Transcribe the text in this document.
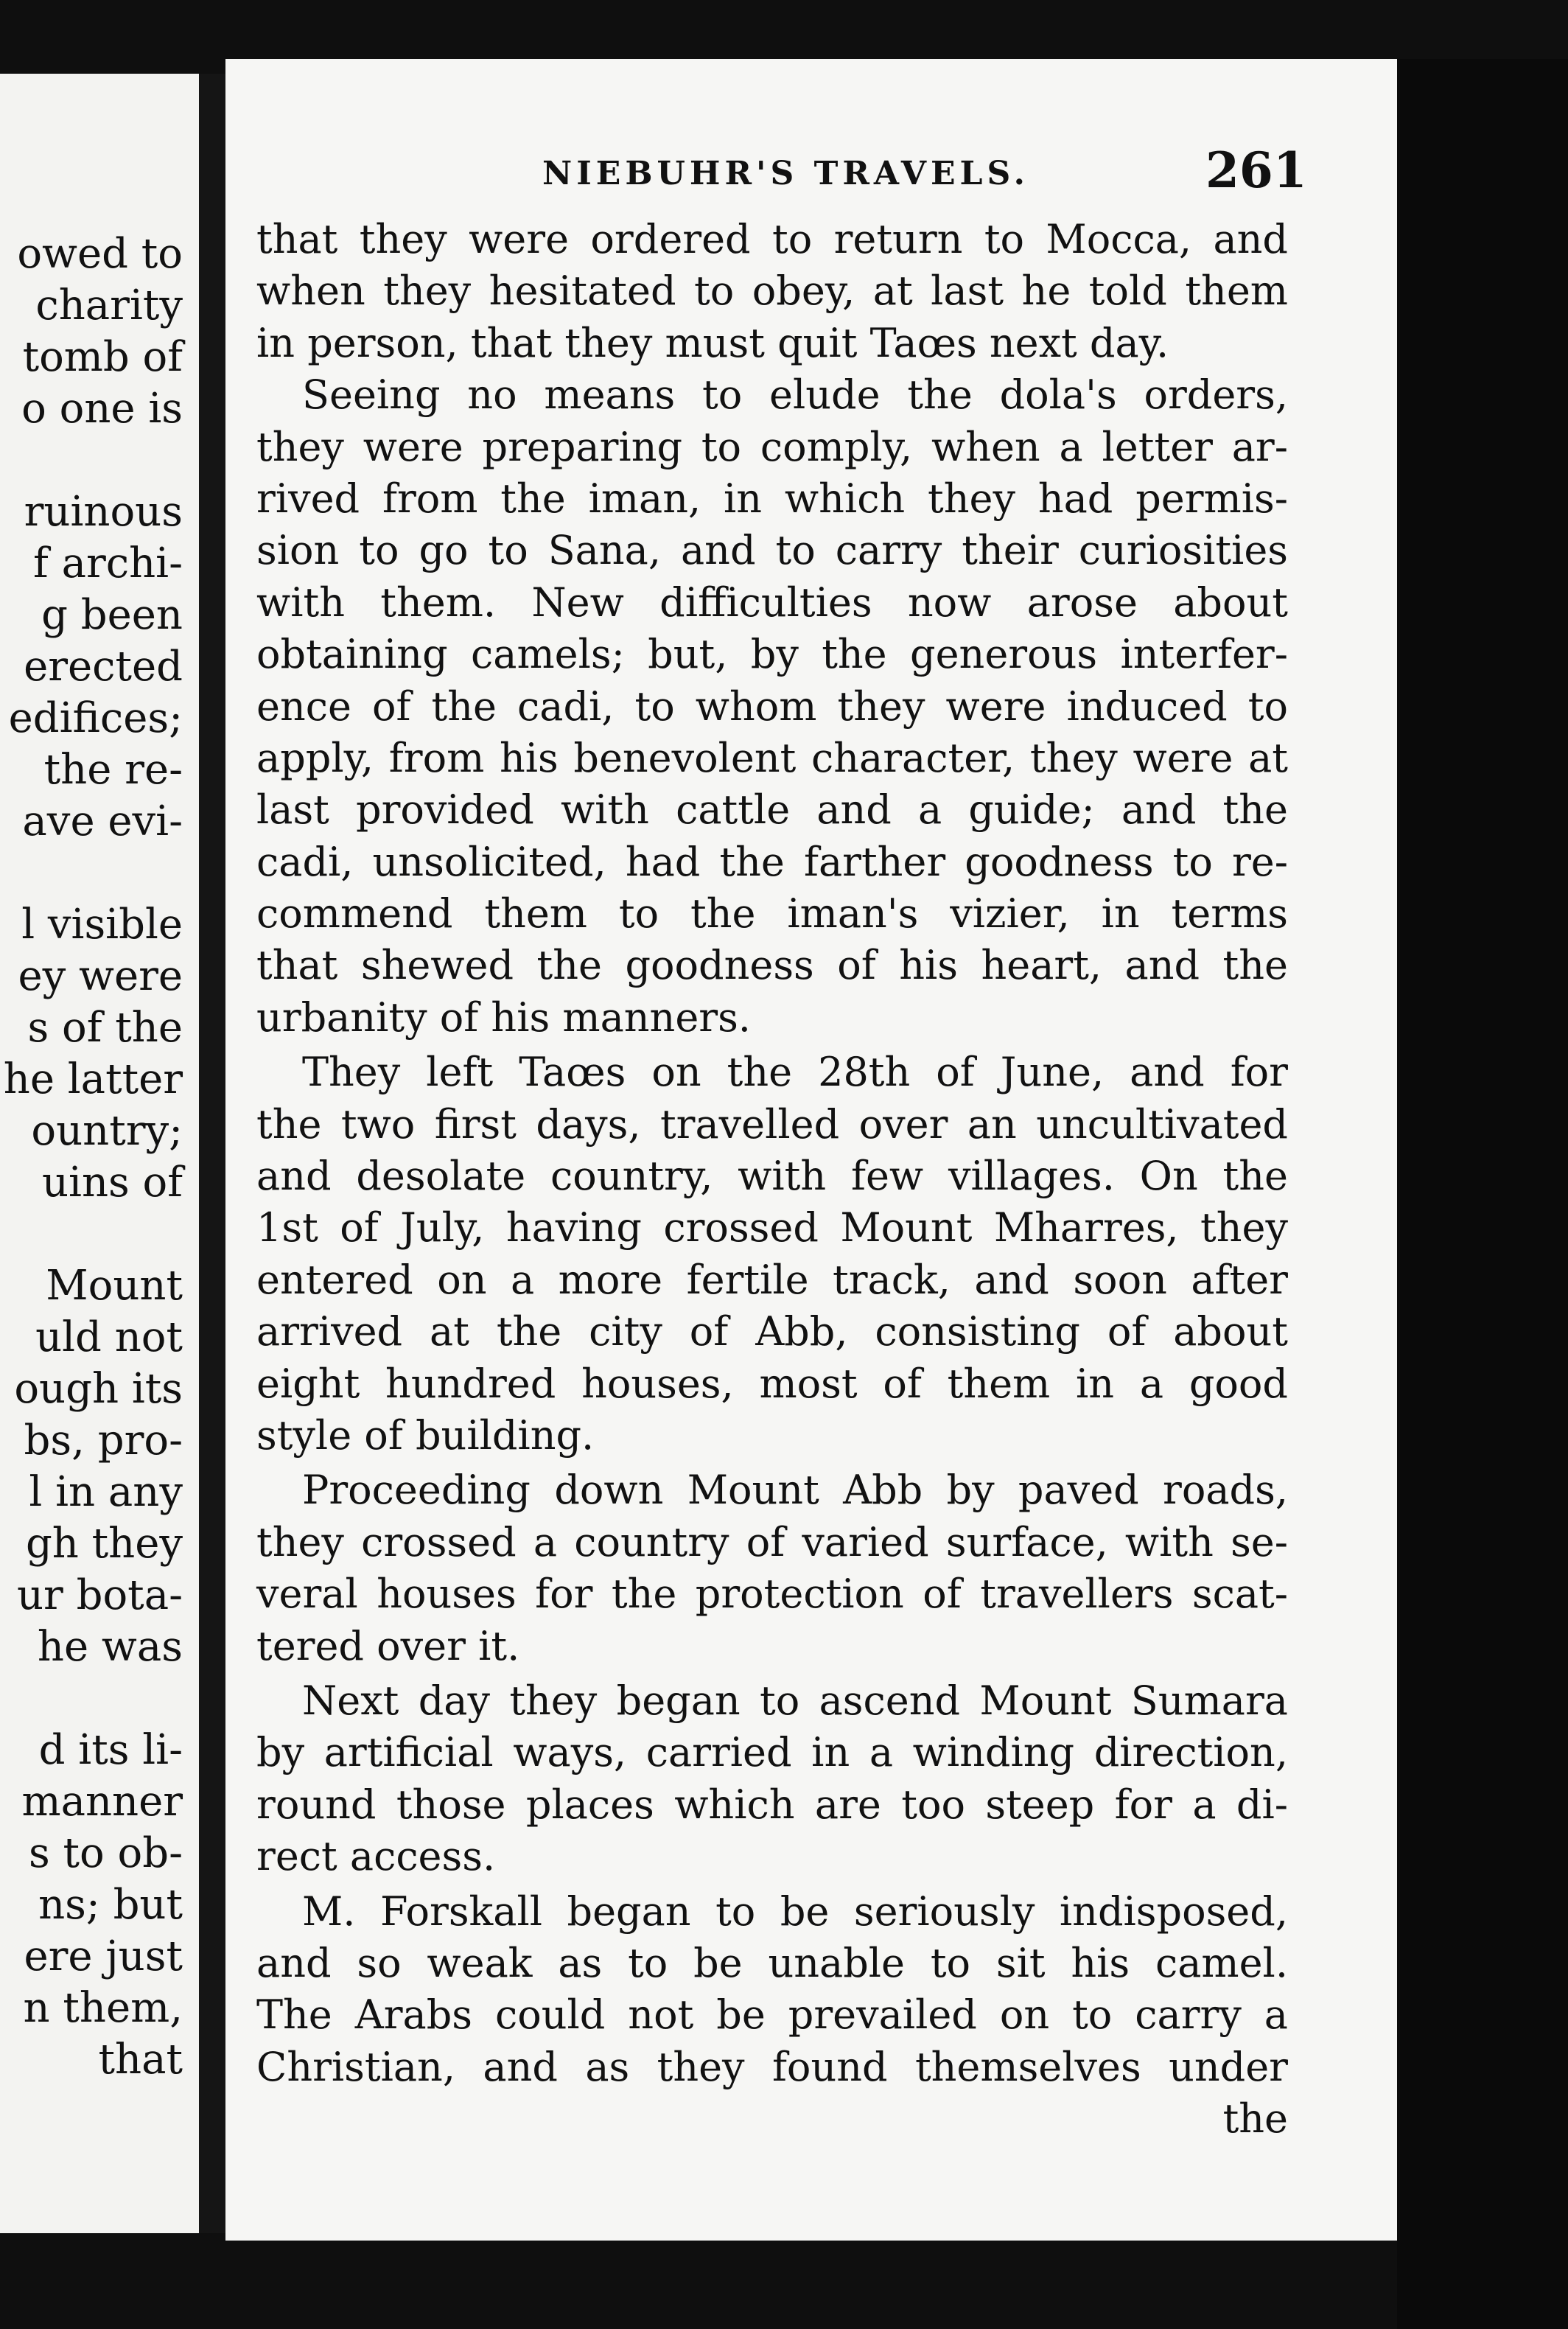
owed to
charity
tomb of
o one is
ruinous
f archi-
g been
erected
edifices;
the re-
ave evi-
l visible
ey were
s of the
he latter
ountry;
uins of
Mount
uld not
ough its
bs, pro-
l in any
gh they
ur bota-
he was
d its li-
manner
s to ob-
ns; but
ere just
n them,
that
NIEBUHR'S TRAVELS.	261
that they were ordered to return to Mocca, and
when they hesitated to obey, at last he told them
in person, that they must quit Taœs next day.
Seeing no means to elude the dola's orders,
they were preparing to comply, when a letter ar-
rived from the iman, in which they had permis-
sion to go to Sana, and to carry their curiosities
with them. New difficulties now arose about
obtaining camels; but, by the generous interfer-
ence of the cadi, to whom they were induced to
apply, from his benevolent character, they were at
last provided with cattle and a guide; and the
cadi, unsolicited, had the farther goodness to re-
commend them to the iman's vizier, in terms
that shewed the goodness of his heart, and the
urbanity of his manners.
They left Taœs on the 28th of June, and for
the two first days, travelled over an uncultivated
and desolate country, with few villages. On the
1st of July, having crossed Mount Mharres, they
entered on a more fertile track, and soon after
arrived at the city of Abb, consisting of about
eight hundred houses, most of them in a good
style of building.
Proceeding down Mount Abb by paved roads,
they crossed a country of varied surface, with se-
veral houses for the protection of travellers scat-
tered over it.
Next day they began to ascend Mount Sumara
by artificial ways, carried in a winding direction,
round those places which are too steep for a di-
rect access.
M. Forskall began to be seriously indisposed,
and so weak as to be unable to sit his camel.
The Arabs could not be prevailed on to carry a
Christian, and as they found themselves under
the
